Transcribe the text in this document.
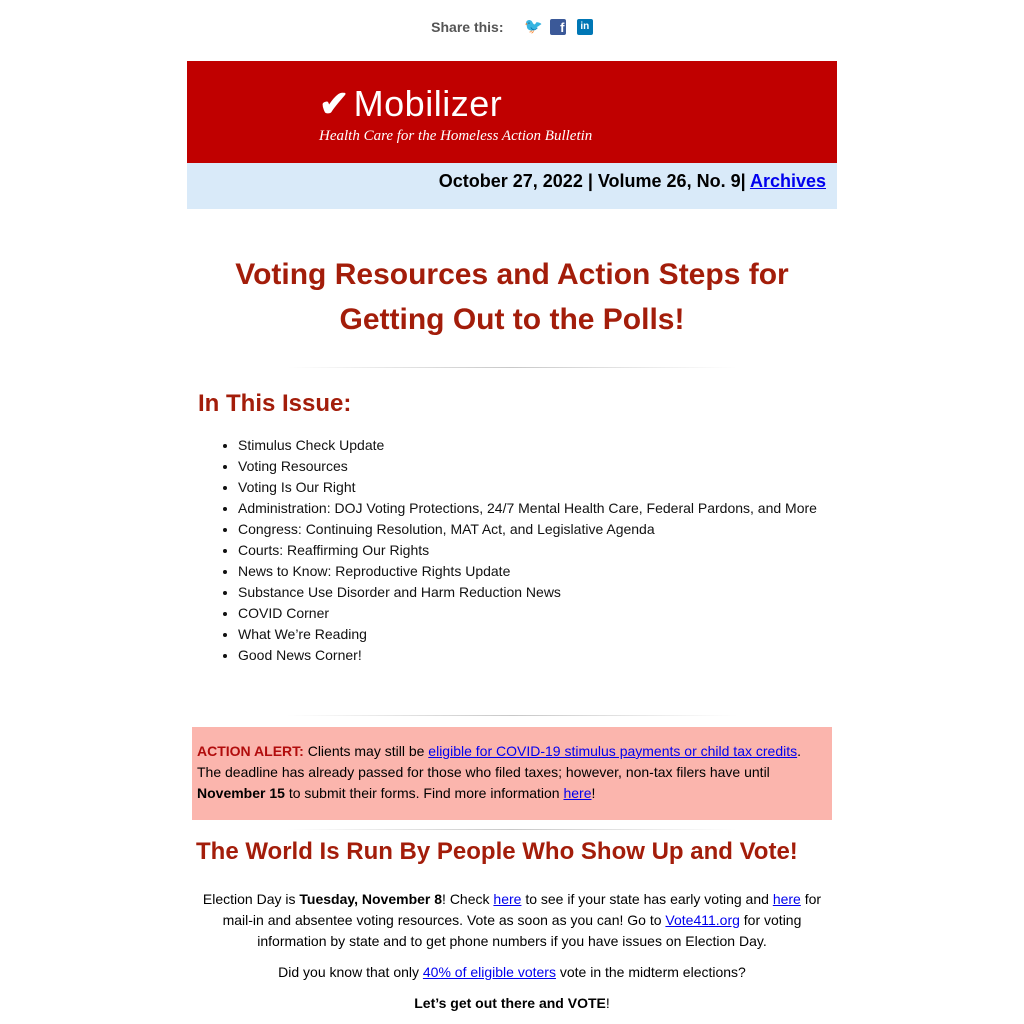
Share this: 🐦 f in
✔ Mobilizer
Health Care for the Homeless Action Bulletin
October 27, 2022 | Volume 26, No. 9| Archives
Voting Resources and Action Steps for Getting Out to the Polls!
In This Issue:
• Stimulus Check Update
• Voting Resources
• Voting Is Our Right
• Administration: DOJ Voting Protections, 24/7 Mental Health Care, Federal Pardons, and More
• Congress: Continuing Resolution, MAT Act, and Legislative Agenda
• Courts: Reaffirming Our Rights
• News to Know: Reproductive Rights Update
• Substance Use Disorder and Harm Reduction News
• COVID Corner
• What We’re Reading
• Good News Corner!
ACTION ALERT: Clients may still be eligible for COVID-19 stimulus payments or child tax credits. The deadline has already passed for those who filed taxes; however, non-tax filers have until November 15 to submit their forms. Find more information here!
The World Is Run By People Who Show Up and Vote!

Election Day is Tuesday, November 8! Check here to see if your state has early voting and here for mail-in and absentee voting resources. Vote as soon as you can! Go to Vote411.org for voting information by state and to get phone numbers if you have issues on Election Day.

Did you know that only 40% of eligible voters vote in the midterm elections?

Let’s get out there and VOTE!
